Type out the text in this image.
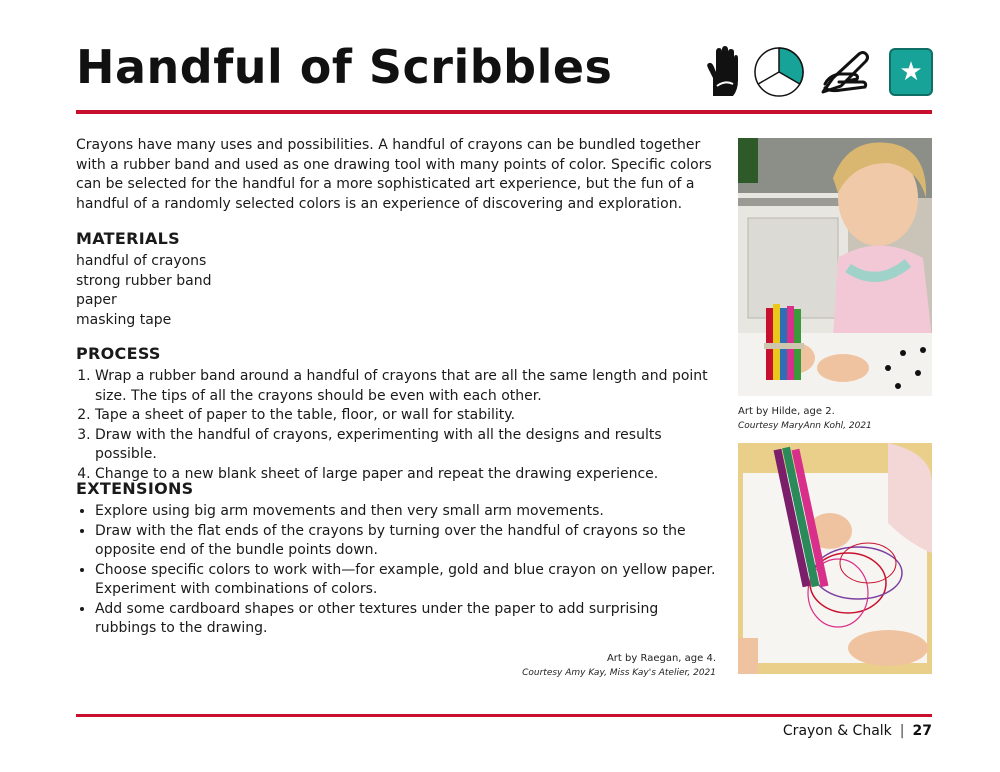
Handful of Scribbles	★

Crayons have many uses and possibilities. A handful of crayons can be bundled together with a rubber band and used as one drawing tool with many points of color. Specific colors can be selected for the handful for a more sophisticated art experience, but the fun of a handful of a randomly selected colors is an experience of discovering and exploration.

MATERIALS
handful of crayons
strong rubber band
paper
masking tape
PROCESS
1. Wrap a rubber band around a handful of crayons that are all the same length and point size. The tips of all the crayons should be even with each other.
2. Tape a sheet of paper to the table, floor, or wall for stability.
3. Draw with the handful of crayons, experimenting with all the designs and results possible.
4. Change to a new blank sheet of large paper and repeat the drawing experience.
EXTENSIONS
• Explore using big arm movements and then very small arm movements.
• Draw with the flat ends of the crayons by turning over the handful of crayons so the opposite end of the bundle points down.
• Choose specific colors to work with—for example, gold and blue crayon on yellow paper. Experiment with combinations of colors.
• Add some cardboard shapes or other textures under the paper to add surprising rubbings to the drawing.
Art by Raegan, age 4.
Courtesy Amy Kay, Miss Kay's Atelier, 2021
Art by Hilde, age 2.
Courtesy MaryAnn Kohl, 2021
Crayon & Chalk | 27
